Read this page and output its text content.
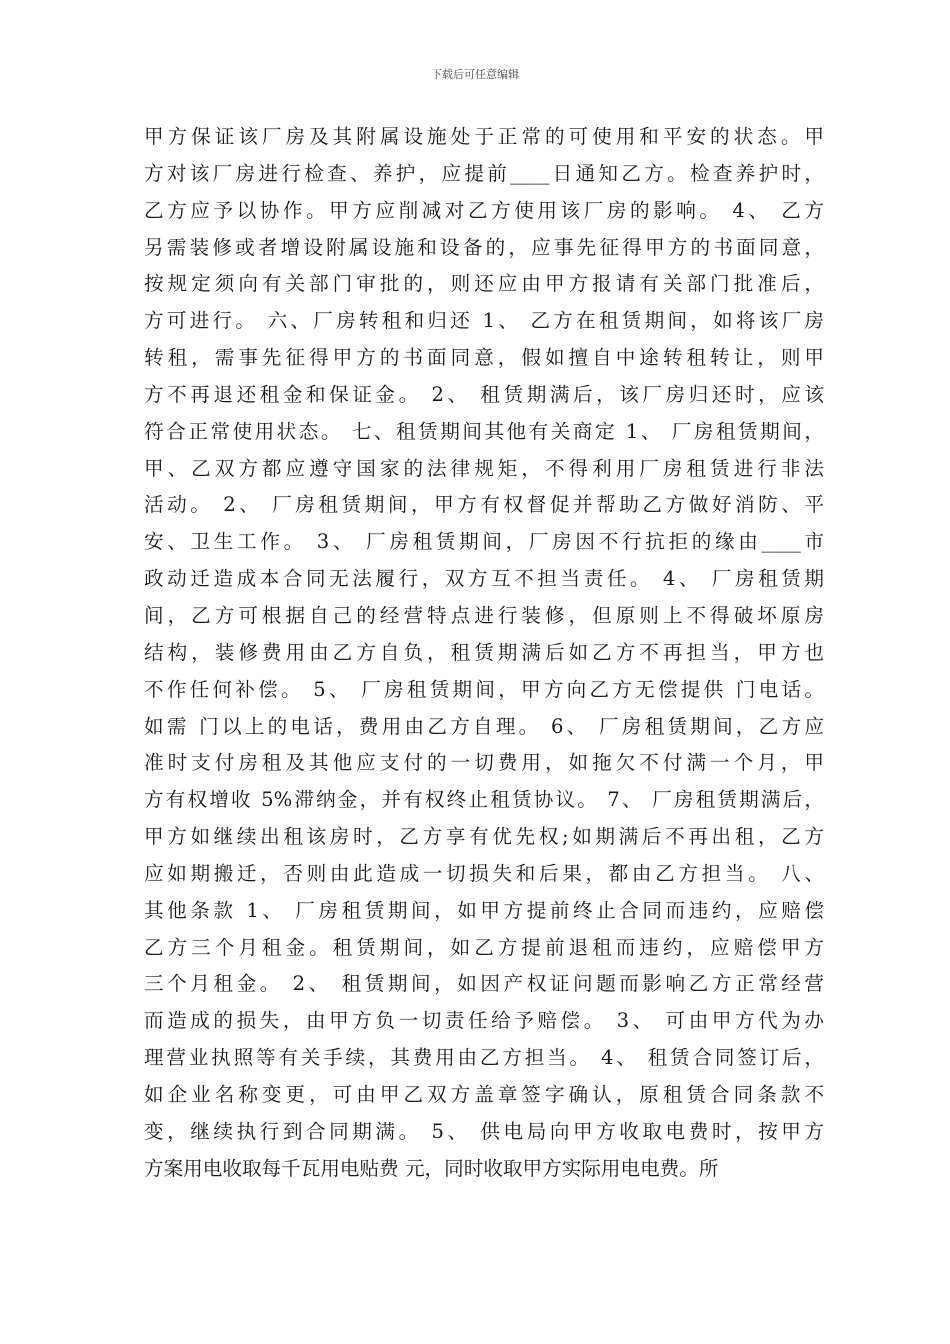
下载后可任意编辑
甲方保证该厂房及其附属设施处于正常的可使用和平安的状态。甲
方对该厂房进行检查、养护，应提前____日通知乙方。检查养护时，
乙方应予以协作。甲方应削减对乙方使用该厂房的影响。 4、 乙方
另需装修或者增设附属设施和设备的，应事先征得甲方的书面同意，
按规定须向有关部门审批的，则还应由甲方报请有关部门批准后，
方可进行。 六、厂房转租和归还 1、 乙方在租赁期间，如将该厂房
转租，需事先征得甲方的书面同意，假如擅自中途转租转让，则甲
方不再退还租金和保证金。 2、 租赁期满后，该厂房归还时，应该
符合正常使用状态。 七、租赁期间其他有关商定 1、 厂房租赁期间，
甲、乙双方都应遵守国家的法律规矩，不得利用厂房租赁进行非法
活动。 2、 厂房租赁期间，甲方有权督促并帮助乙方做好消防、平
安、卫生工作。 3、 厂房租赁期间，厂房因不行抗拒的缘由____市
政动迁造成本合同无法履行，双方互不担当责任。 4、 厂房租赁期
间，乙方可根据自己的经营特点进行装修，但原则上不得破坏原房
结构，装修费用由乙方自负，租赁期满后如乙方不再担当，甲方也
不作任何补偿。 5、 厂房租赁期间，甲方向乙方无偿提供 门电话。
如需 门以上的电话，费用由乙方自理。 6、 厂房租赁期间，乙方应
准时支付房租及其他应支付的一切费用，如拖欠不付满一个月，甲
方有权增收 5%滞纳金，并有权终止租赁协议。 7、 厂房租赁期满后，
甲方如继续出租该房时，乙方享有优先权;如期满后不再出租，乙方
应如期搬迁，否则由此造成一切损失和后果，都由乙方担当。 八、
其他条款 1、 厂房租赁期间，如甲方提前终止合同而违约，应赔偿
乙方三个月租金。租赁期间，如乙方提前退租而违约，应赔偿甲方
三个月租金。 2、 租赁期间，如因产权证问题而影响乙方正常经营
而造成的损失，由甲方负一切责任给予赔偿。 3、 可由甲方代为办
理营业执照等有关手续，其费用由乙方担当。 4、 租赁合同签订后，
如企业名称变更，可由甲乙双方盖章签字确认，原租赁合同条款不
变，继续执行到合同期满。 5、 供电局向甲方收取电费时，按甲方
方案用电收取每千瓦用电贴费 元，同时收取甲方实际用电电费。所
